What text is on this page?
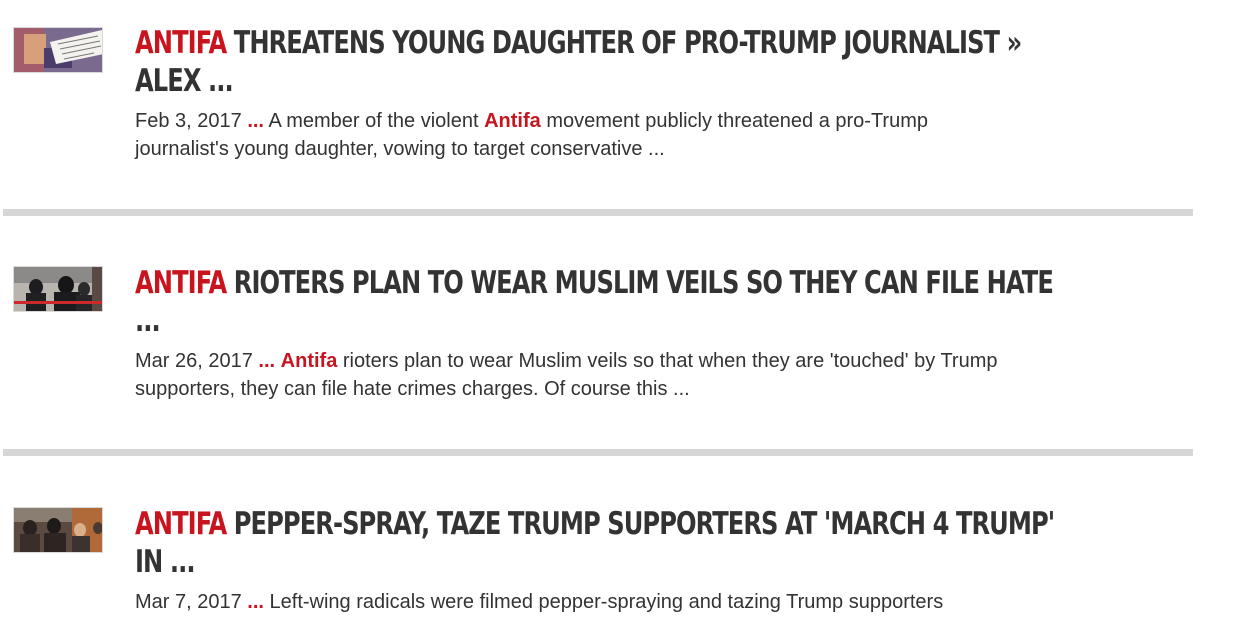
ANTIFA THREATENS YOUNG DAUGHTER OF PRO-TRUMP JOURNALIST » ALEX ...

Feb 3, 2017 ... A member of the violent Antifa movement publicly threatened a pro-Trump journalist's young daughter, vowing to target conservative ...

ANTIFA RIOTERS PLAN TO WEAR MUSLIM VEILS SO THEY CAN FILE HATE ...

Mar 26, 2017 ... Antifa rioters plan to wear Muslim veils so that when they are 'touched' by Trump supporters, they can file hate crimes charges. Of course this ...

ANTIFA PEPPER-SPRAY, TAZE TRUMP SUPPORTERS AT 'MARCH 4 TRUMP' IN ...

Mar 7, 2017 ... Left-wing radicals were filmed pepper-spraying and tazing Trump supporters
